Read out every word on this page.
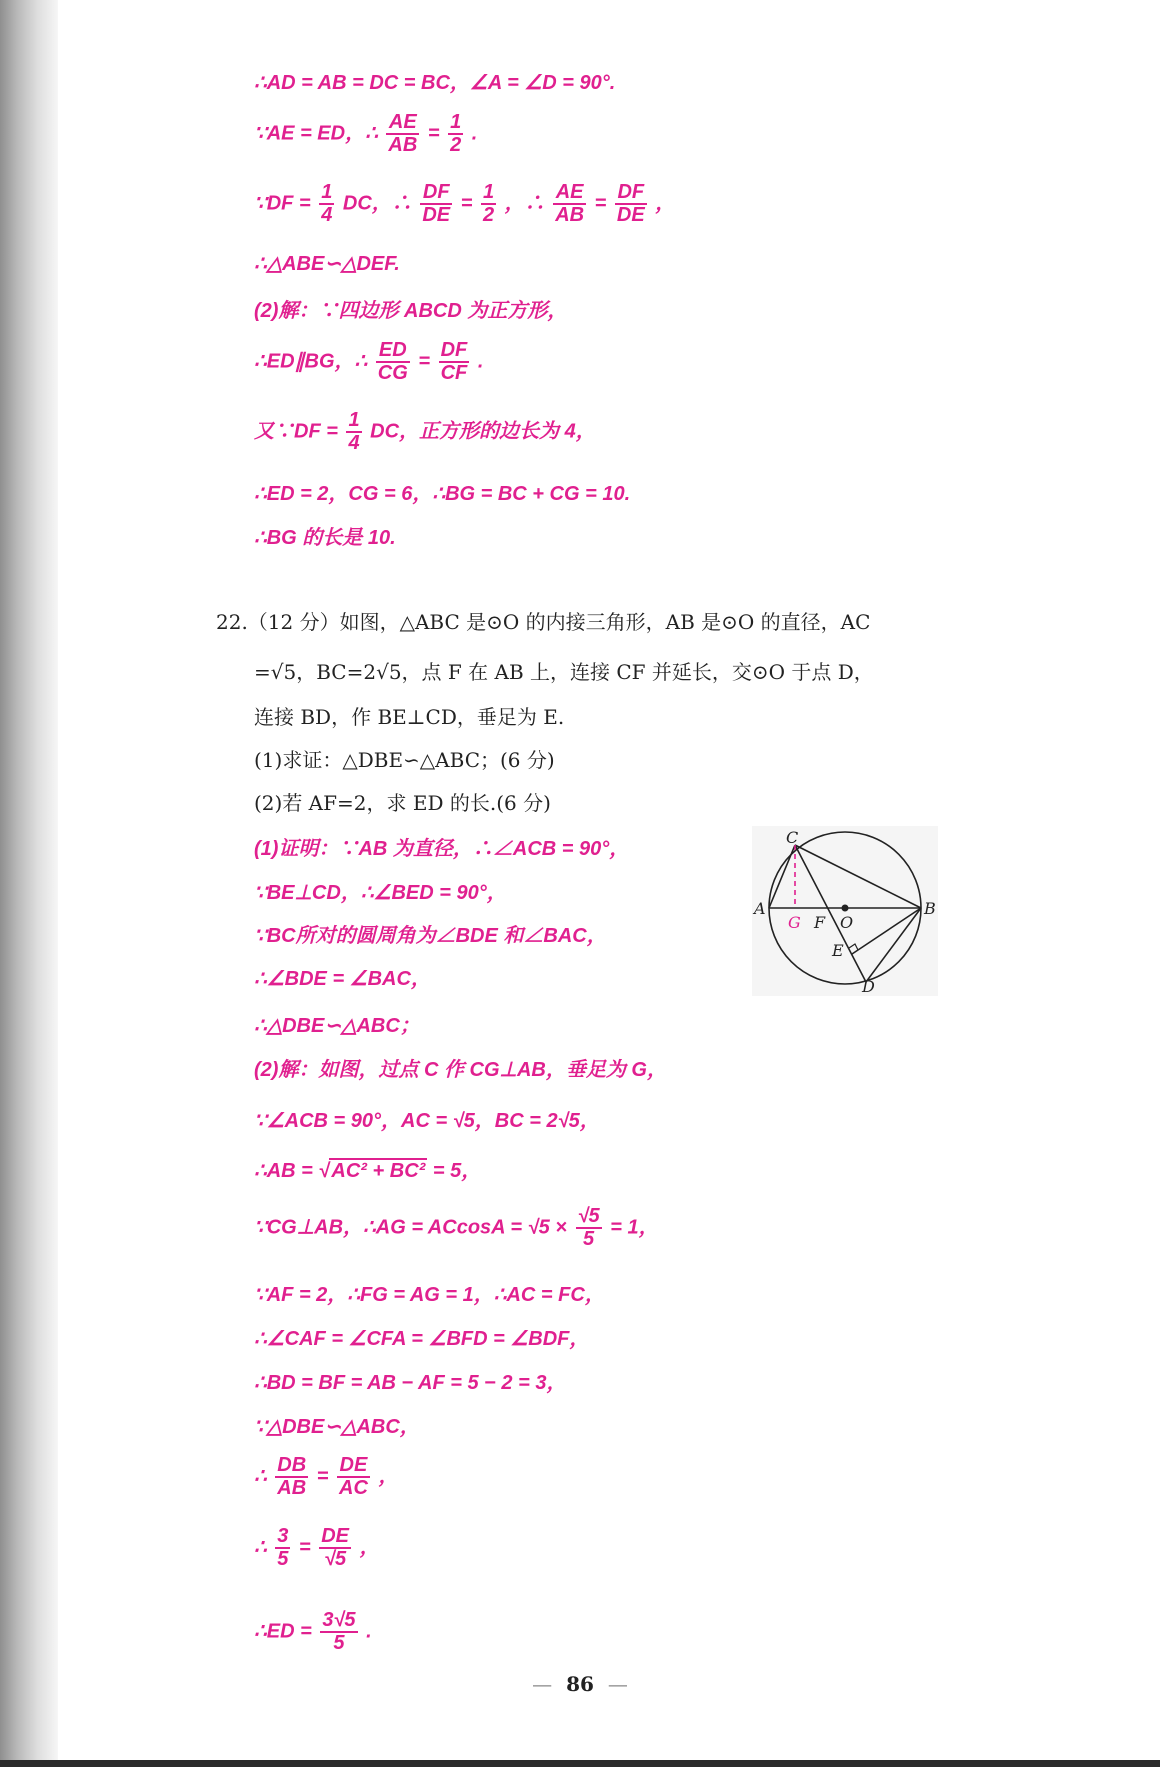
∴AD = AB = DC = BC，∠A = ∠D = 90°.
∵AE = ED，∴ $\frac{AE}{AB} = \frac{1}{2}$ .
∵DF = $\frac{1}{4}$ DC，∴ $\frac{DF}{DE} = \frac{1}{2}$ ，∴ $\frac{AE}{AB} = \frac{DF}{DE}$ ，
∴△ABE∽△DEF.
(2)解：∵四边形 ABCD 为正方形，
∴ED∥BG，∴ $\frac{ED}{CG} = \frac{DF}{CF}$ .
又∵DF = $\frac{1}{4}$ DC，正方形的边长为 4，
∴ED = 2，CG = 6，∴BG = BC + CG = 10.
∴BG 的长是 10.
22.（12 分）如图，△ABC 是⊙O 的内接三角形，AB 是⊙O 的直径，AC
=√5，BC=2√5，点 F 在 AB 上，连接 CF 并延长，交⊙O 于点 D，
连接 BD，作 BE⊥CD，垂足为 E.
(1)求证：△DBE∽△ABC；(6 分)
(2)若 AF=2，求 ED 的长.(6 分)
(1)证明：∵AB 为直径，∴∠ACB = 90°，
∵BE⊥CD，∴∠BED = 90°，
∵BC所对的圆周角为∠BDE 和∠BAC，
∴∠BDE = ∠BAC，
∴△DBE∽△ABC；
(2)解：如图，过点 C 作 CG⊥AB，垂足为 G，
∵∠ACB = 90°，AC = √5，BC = 2√5，
∴AB = √ AC² + BC² = 5，
∵CG⊥AB，∴AG = $ACcosA = √5 \times \frac{√5}{5} = 1$，
∵AF = 2，∴FG = AG = 1，∴AC = FC，
∴∠CAF = ∠CFA = ∠BFD = ∠BDF，
∴BD = BF = AB − AF = 5 − 2 = 3，
∵△DBE∽△ABC，
∴ $\frac{DB}{AB} = \frac{DE}{AC}$ ，
∴ $\frac{3}{5} = \frac{DE}{√5}$ ，
∴ED = $\frac{3√5}{5}$ .
C
A
G F O
B
E
D
— 86 —
